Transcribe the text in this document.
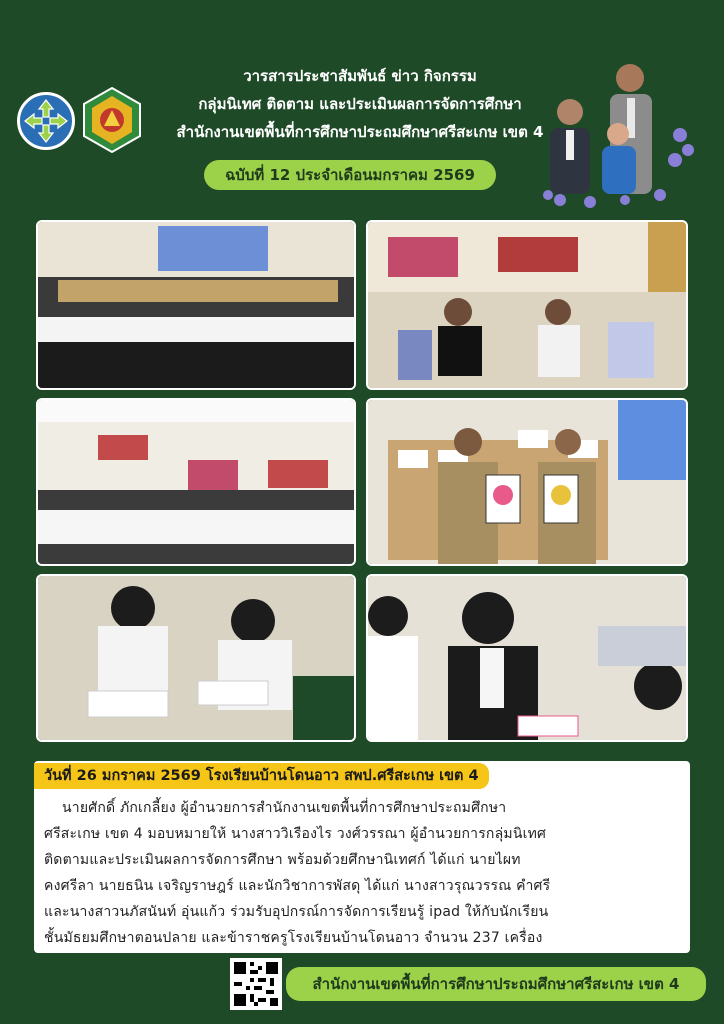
วารสารประชาสัมพันธ์ ข่าว กิจกรรม
กลุ่มนิเทศ ติดตาม และประเมินผลการจัดการศึกษา
สำนักงานเขตพื้นที่การศึกษาประถมศึกษาศรีสะเกษ เขต 4
ฉบับที่ 12 ประจำเดือนมกราคม 2569
วันที่ 26 มกราคม 2569 โรงเรียนบ้านโดนอาว สพป.ศรีสะเกษ เขต 4
นายศักดิ์ ภักเกลี้ยง ผู้อำนวยการสำนักงานเขตพื้นที่การศึกษาประถมศึกษา
ศรีสะเกษ เขต 4 มอบหมายให้ นางสาววิเรืองไร วงศ์วรรณา ผู้อำนวยการกลุ่มนิเทศ
ติดตามและประเมินผลการจัดการศึกษา พร้อมด้วยศึกษานิเทศก์ ได้แก่ นายไผท
คงศรีลา นายธนิน เจริญราษฎร์ และนักวิชาการพัสดุ ได้แก่ นางสาวรุณวรรณ คำศรี
และนางสาวนภัสนันท์ อุ่นแก้ว ร่วมรับอุปกรณ์การจัดการเรียนรู้ ipad ให้กับนักเรียน
ชั้นมัธยมศึกษาตอนปลาย และข้าราชครูโรงเรียนบ้านโดนอาว จำนวน 237 เครื่อง
สำนักงานเขตพื้นที่การศึกษาประถมศึกษาศรีสะเกษ เขต 4
